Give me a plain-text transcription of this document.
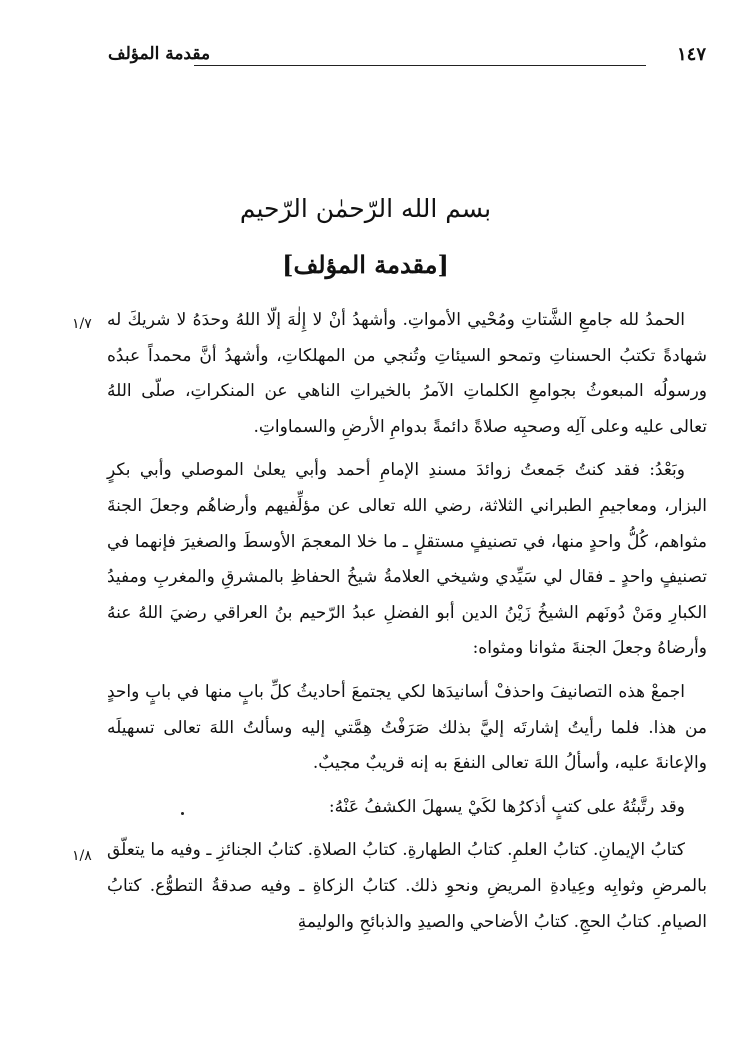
مقدمة المؤلف	١٤٧
بسم الله الرّحمٰن الرّحيم
[مقدمة المؤلف]
١/٧
١/٨

الحمدُ لله جامعِ الشَّتاتِ ومُحْيي الأمواتِ. وأشهدُ أنْ لا إِلٰهَ إلّا اللهُ وحدَهُ لا شريكَ له شهادةً تكتبُ الحسناتِ وتمحو السيئاتِ وتُنجي من المهلكاتِ، وأشهدُ أنَّ محمداً عبدُه ورسولُه المبعوثُ بجوامعِ الكلماتِ الآمرُ بالخيراتِ الناهي عن المنكراتِ، صلّى اللهُ تعالى عليه وعلى آلِه وصحبِه صلاةً دائمةً بدوامِ الأرضِ والسماواتِ.

وبَعْدُ: فقد كنتُ جَمعتُ زوائدَ مسندِ الإمامِ أحمد وأبي يعلىٰ الموصلي وأبي بكرٍ البزار، ومعاجيمِ الطبراني الثلاثة، رضي الله تعالى عن مؤلِّفيهم وأرضاهُم وجعلَ الجنةَ مثواهم، كُلُّ واحدٍ منها، في تصنيفٍ مستقلٍ ـ ما خلا المعجمَ الأوسطَ والصغيرَ فإنهما في تصنيفٍ واحدٍ ـ فقال لي سَيِّدي وشيخي العلامةُ شيخُ الحفاظِ بالمشرقِ والمغربِ ومفيدُ الكبارِ ومَنْ دُونَهم الشيخُ زَيْنُ الدين أبو الفضلِ عبدُ الرّحيم بنُ العراقي رضيَ اللهُ عنهُ وأرضاهُ وجعلَ الجنةَ مثوانا ومثواه:

اجمعْ هذه التصانيفَ واحذفْ أسانيدَها لكي يجتمعَ أحاديثُ كلِّ بابٍ منها في بابٍ واحدٍ من هذا. فلما رأيتُ إشارتَه إليَّ بذلك صَرَفْتُ هِمَّتي إليه وسألتُ اللهَ تعالى تسهيلَه والإعانةَ عليه، وأسألُ اللهَ تعالى النفعَ به إنه قريبٌ مجيبٌ.

وقد رتَّبتُهُ على كتبٍ أذكرُها لكَيْ يسهلَ الكشفُ عَنْهُ:

كتابُ الإيمانِ. كتابُ العلمِ. كتابُ الطهارةِ. كتابُ الصلاةِ. كتابُ الجنائزِ ـ وفيه ما يتعلّق بالمرضِ وثوابِه وعِيادةِ المريضِ ونحوِ ذلك. كتابُ الزكاةِ ـ وفيه صدقةُ التطوُّع. كتابُ الصيامِ. كتابُ الحجِ. كتابُ الأضاحي والصيدِ والذبائحِ والوليمةِ
